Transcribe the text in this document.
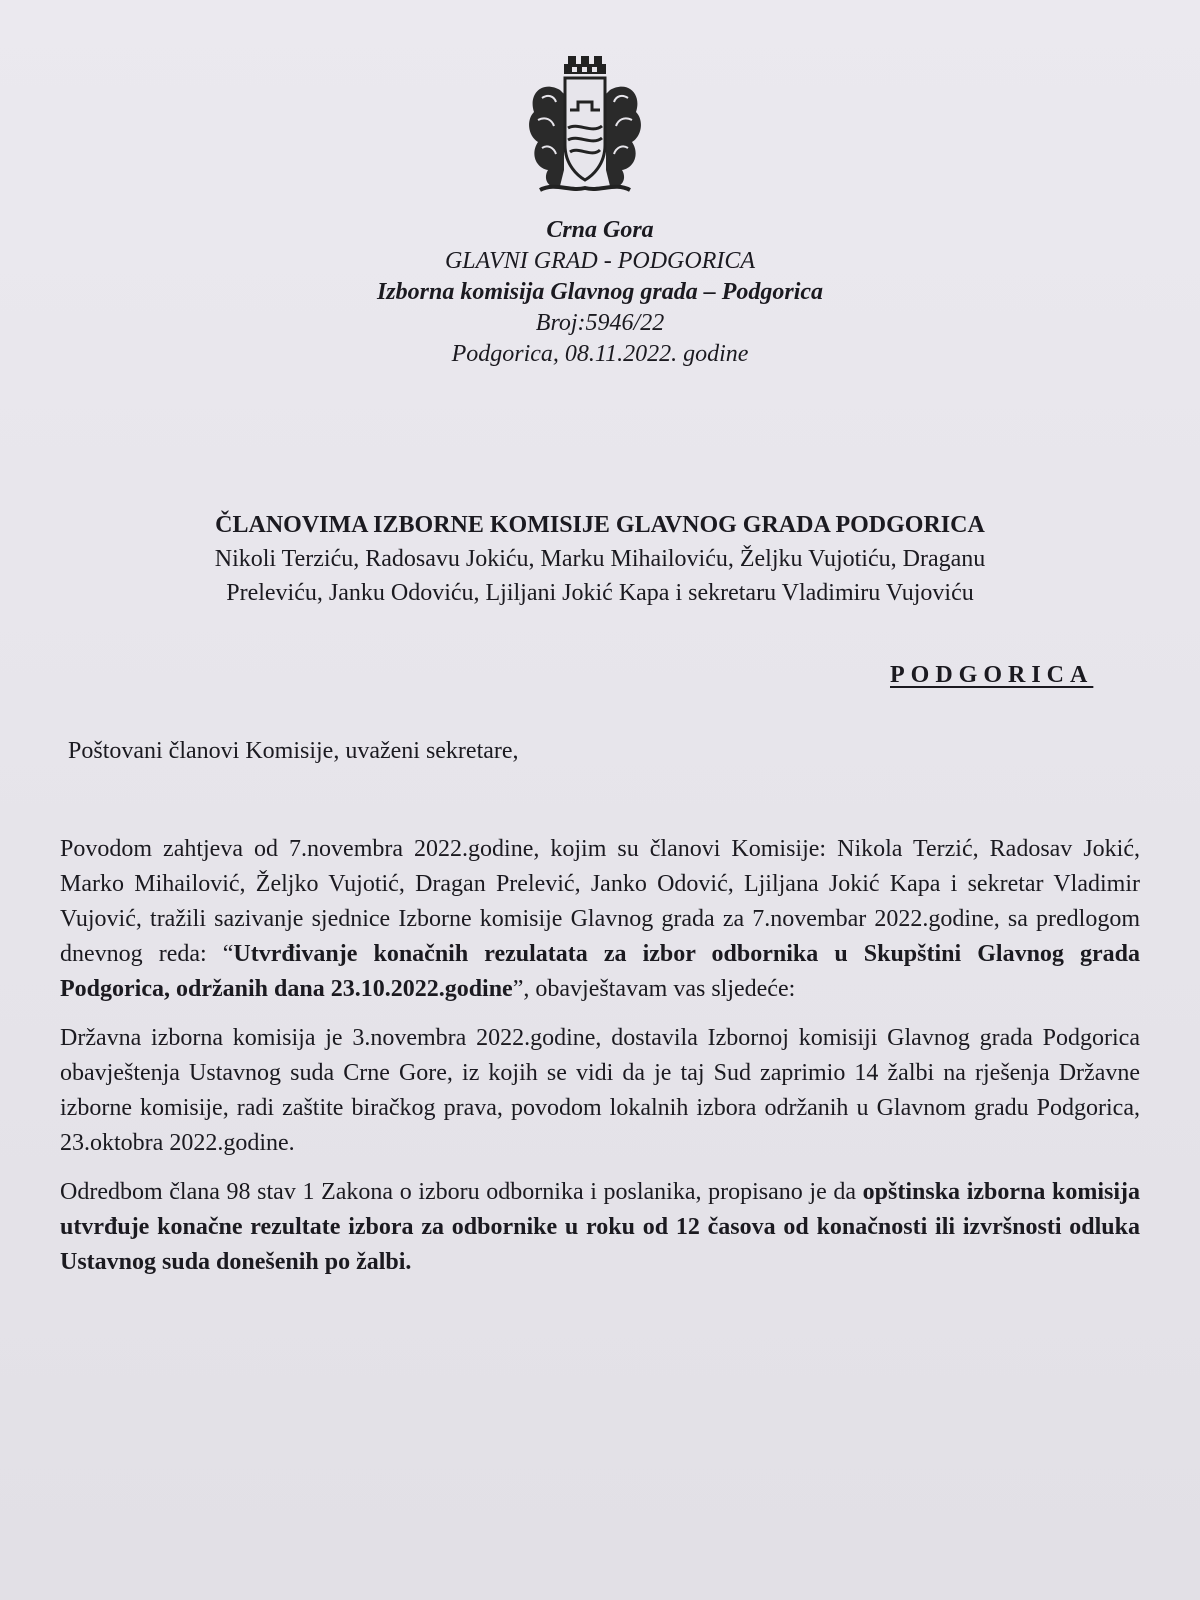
Crna Gora
GLAVNI GRAD - PODGORICA
Izborna komisija Glavnog grada – Podgorica
Broj:5946/22
Podgorica, 08.11.2022. godine
ČLANOVIMA IZBORNE KOMISIJE GLAVNOG GRADA PODGORICA
Nikoli Terziću, Radosavu Jokiću, Marku Mihailoviću, Željku Vujotiću, Draganu
Preleviću, Janku Odoviću, Ljiljani Jokić Kapa i sekretaru Vladimiru Vujoviću
PODGORICA
Poštovani članovi Komisije, uvaženi sekretare,

Povodom zahtjeva od 7.novembra 2022.godine, kojim su članovi Komisije: Nikola Terzić, Radosav Jokić, Marko Mihailović, Željko Vujotić, Dragan Prelević, Janko Odović, Ljiljana Jokić Kapa i sekretar Vladimir Vujović, tražili sazivanje sjednice Izborne komisije Glavnog grada za 7.novembar 2022.godine, sa predlogom dnevnog reda: “Utvrđivanje konačnih rezulatata za izbor odbornika u Skupštini Glavnog grada Podgorica, održanih dana 23.10.2022.godine”, obavještavam vas sljedeće:

Državna izborna komisija je 3.novembra 2022.godine, dostavila Izbornoj komisiji Glavnog grada Podgorica obavještenja Ustavnog suda Crne Gore, iz kojih se vidi da je taj Sud zaprimio 14 žalbi na rješenja Državne izborne komisije, radi zaštite biračkog prava, povodom lokalnih izbora održanih u Glavnom gradu Podgorica, 23.oktobra 2022.godine.

Odredbom člana 98 stav 1 Zakona o izboru odbornika i poslanika, propisano je da opštinska izborna komisija utvrđuje konačne rezultate izbora za odbornike u roku od 12 časova od konačnosti ili izvršnosti odluka Ustavnog suda donešenih po žalbi.
